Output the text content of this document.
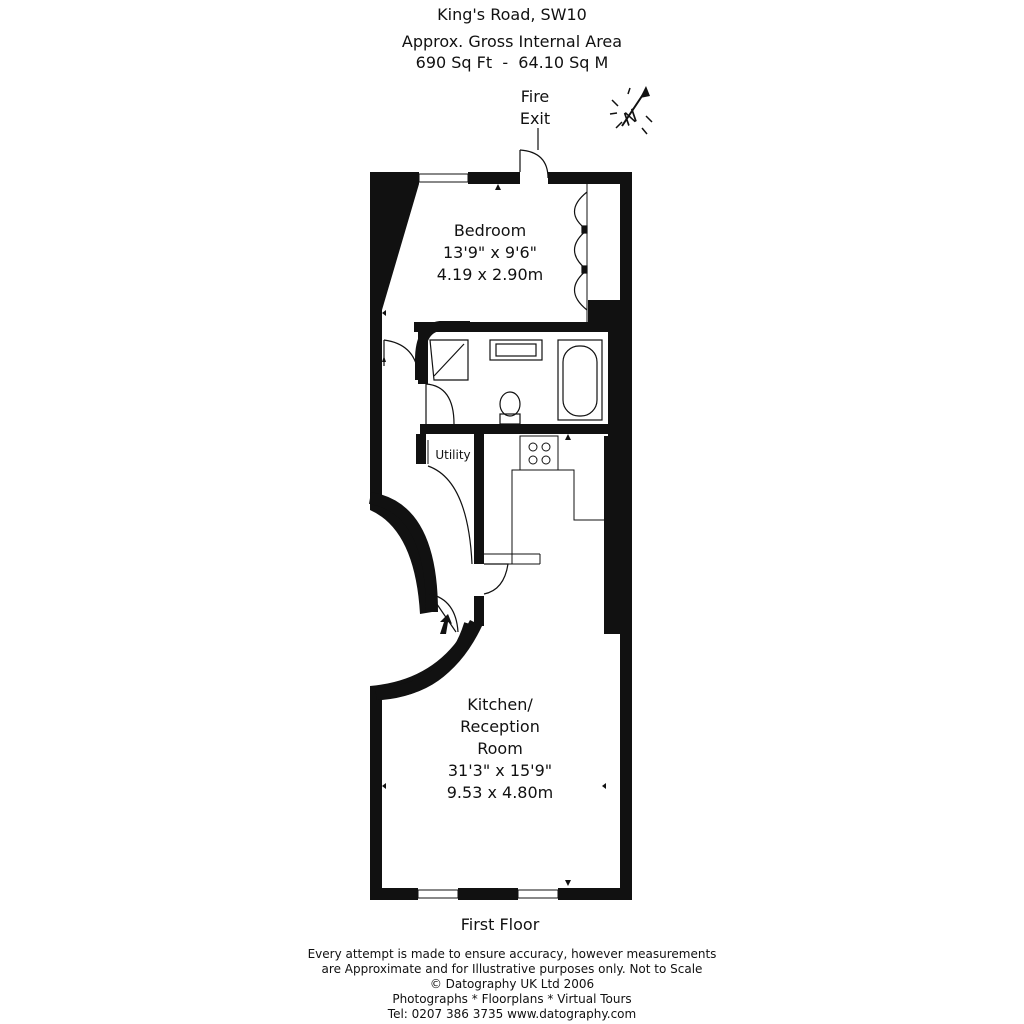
King's Road, SW10
Approx. Gross Internal Area
690 Sq Ft  -  64.10 Sq M
Fire
Exit	N
Bedroom
13'9" x 9'6"
4.19 x 2.90m
Utility
Kitchen/
Reception
Room
31'3" x 15'9"
9.53 x 4.80m
First Floor
Every attempt is made to ensure accuracy, however measurements
are Approximate and for Illustrative purposes only. Not to Scale
© Datography UK Ltd 2006
Photographs * Floorplans * Virtual Tours
Tel: 0207 386 3735 www.datography.com
